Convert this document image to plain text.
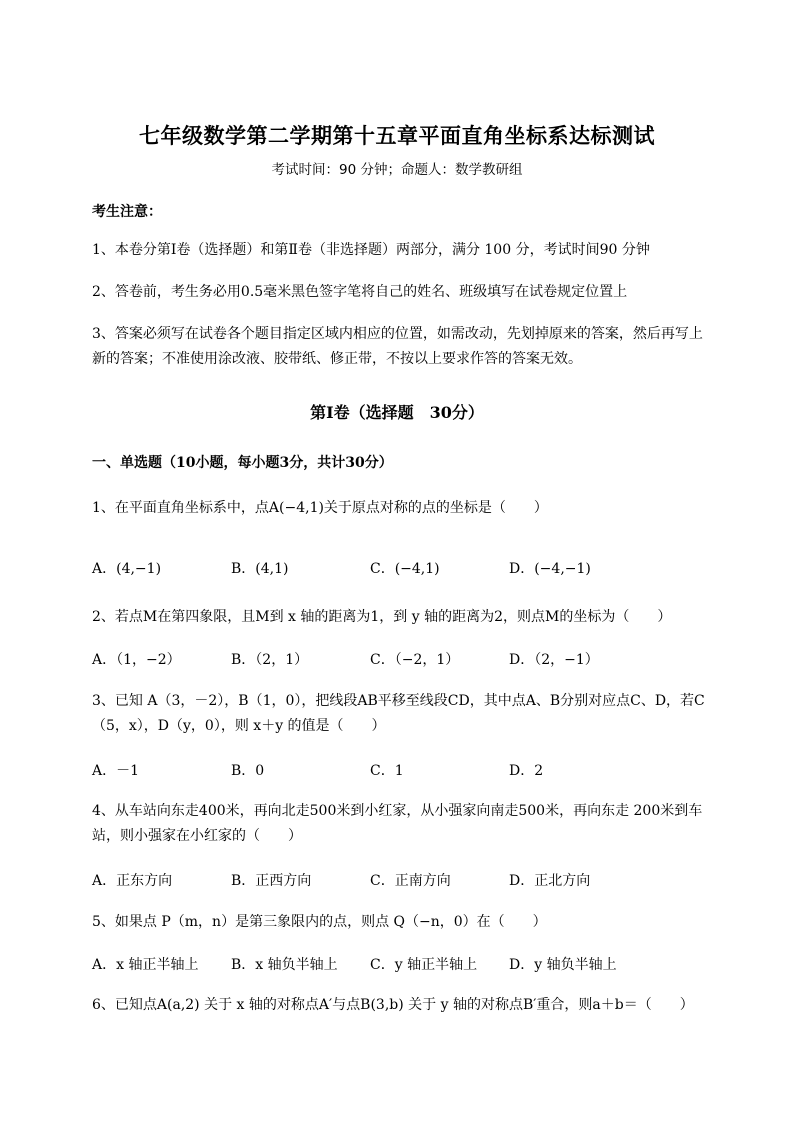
七年级数学第二学期第十五章平面直角坐标系达标测试
考试时间：90 分钟；命题人：数学教研组
考生注意：
1、本卷分第Ⅰ卷（选择题）和第Ⅱ卷（非选择题）两部分，满分 100 分，考试时间90 分钟
2、答卷前，考生务必用0.5毫米黑色签字笔将自己的姓名、班级填写在试卷规定位置上
3、答案必须写在试卷各个题目指定区域内相应的位置，如需改动，先划掉原来的答案，然后再写上新的答案；不准使用涂改液、胶带纸、修正带，不按以上要求作答的答案无效。
第Ⅰ卷（选择题　30分）
一、单选题（10小题，每小题3分，共计30分）
1、在平面直角坐标系中，点A(−4,1)关于原点对称的点的坐标是（　　）
A．(4,−1)	B．(4,1)	C．(−4,1)	D．(−4,−1)
2、若点M在第四象限，且M到 x 轴的距离为1，到 y 轴的距离为2，则点M的坐标为（　　）
A．（1，−2）	B．（2，1）	C．（−2，1）	D．（2，−1）
3、已知 A（3，－2），B（1，0），把线段AB平移至线段CD，其中点A、B分别对应点C、D，若C（5，x），D（y，0），则 x＋y 的值是（　　）
A．－1	B．0	C．1	D．2
4、从车站向东走400米，再向北走500米到小红家，从小强家向南走500米，再向东走 200米到车站，则小强家在小红家的（　　）
A．正东方向	B．正西方向	C．正南方向	D．正北方向
5、如果点 P（m，n）是第三象限内的点，则点 Q（−n，0）在（　　）
A．x 轴正半轴上 B．x 轴负半轴上 C．y 轴正半轴上 D．y 轴负半轴上
6、已知点A(a,2) 关于 x 轴的对称点A′与点B(3,b) 关于 y 轴的对称点B′重合，则a＋b＝（　　）
